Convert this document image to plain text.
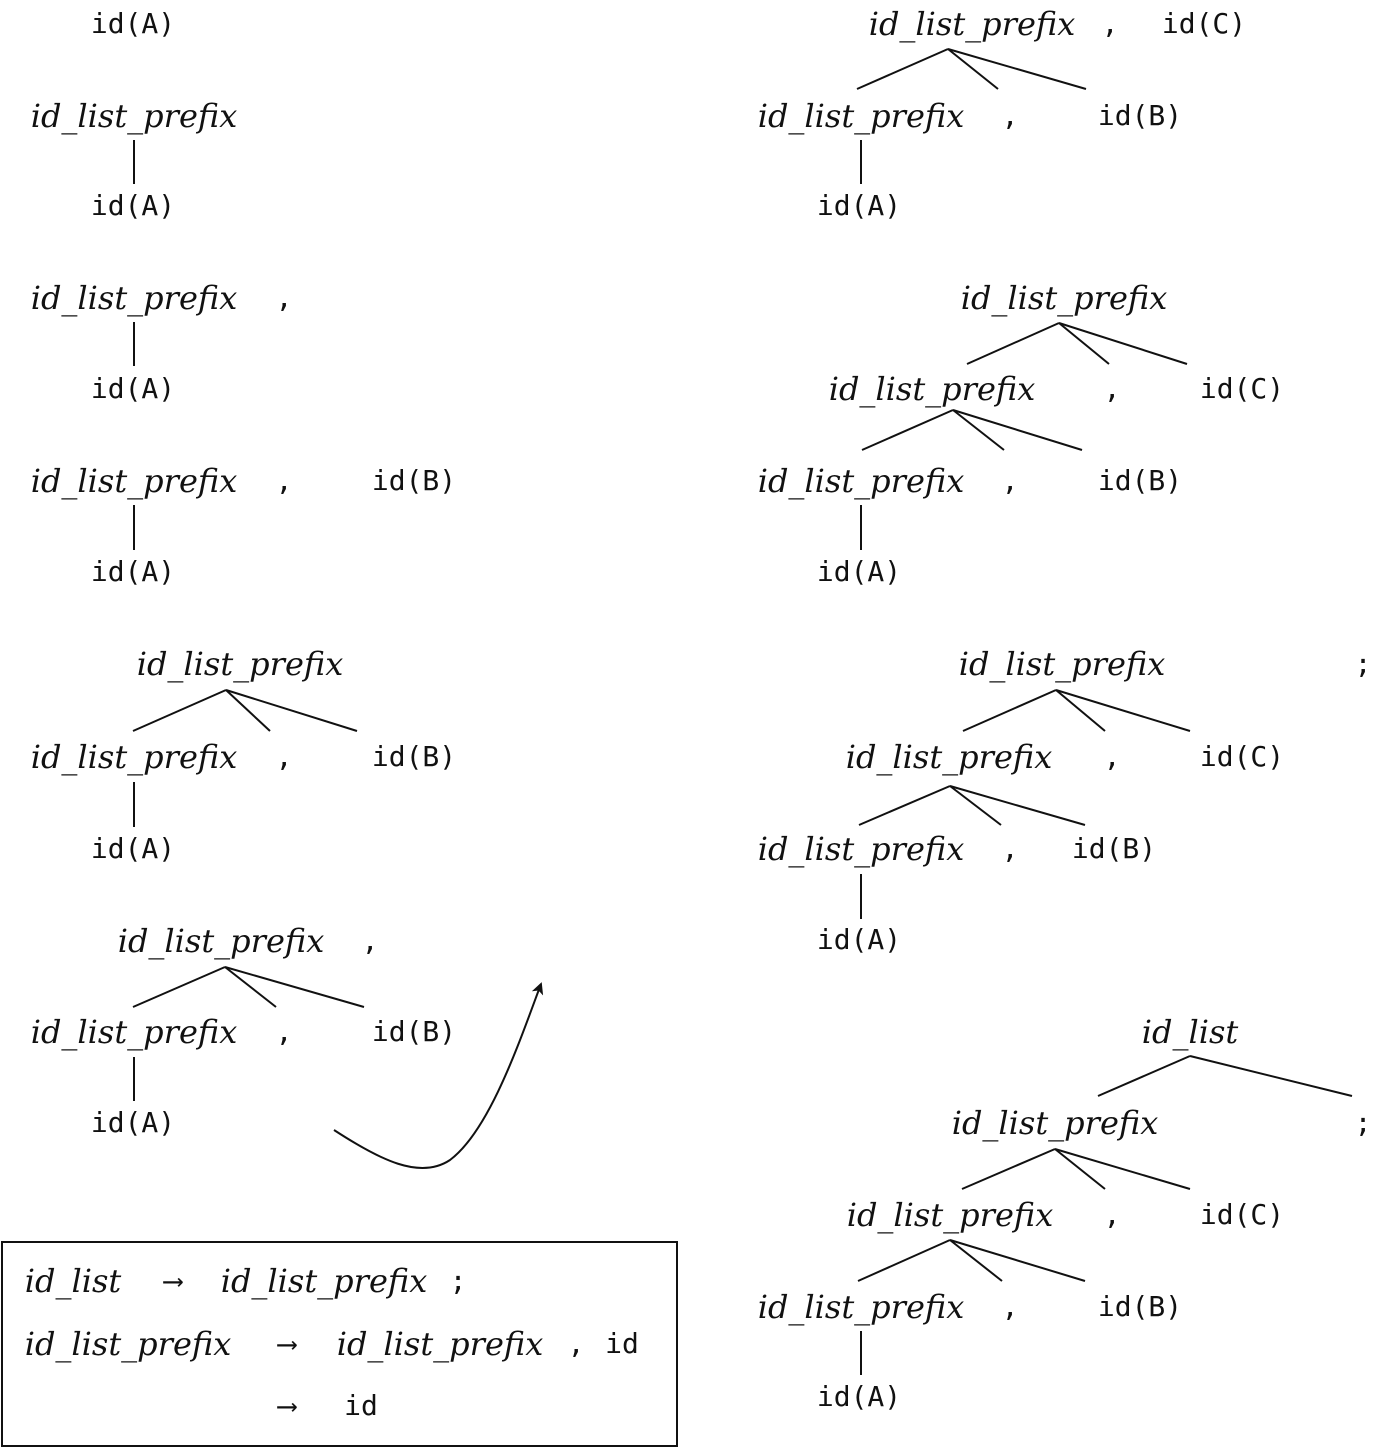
id(A)
id_list_prefix
id(A)
id_list_prefix ,
id(A)
id_list_prefix ,	id(B)
id(A)
id_list_prefix
id_list_prefix ,	id(B)
id(A)
id_list_prefix ,
id_list_prefix ,	id(B)
id(A)
id_list_prefix , id(C)
id_list_prefix ,	id(B)
id(A)
id_list_prefix
id_list_prefix ,	id(C)
id_list_prefix ,	id(B)
id(A)
id_list_prefix	;
id_list_prefix ,	id(C)
id_list_prefix , id(B)
id(A)
id_list
id_list_prefix	;
id_list_prefix ,	id(C)
id_list_prefix ,	id(B)
id(A)
id_list ⟶ id_list_prefix ;
id_list_prefix ⟶ id_list_prefix , id
⟶ id
